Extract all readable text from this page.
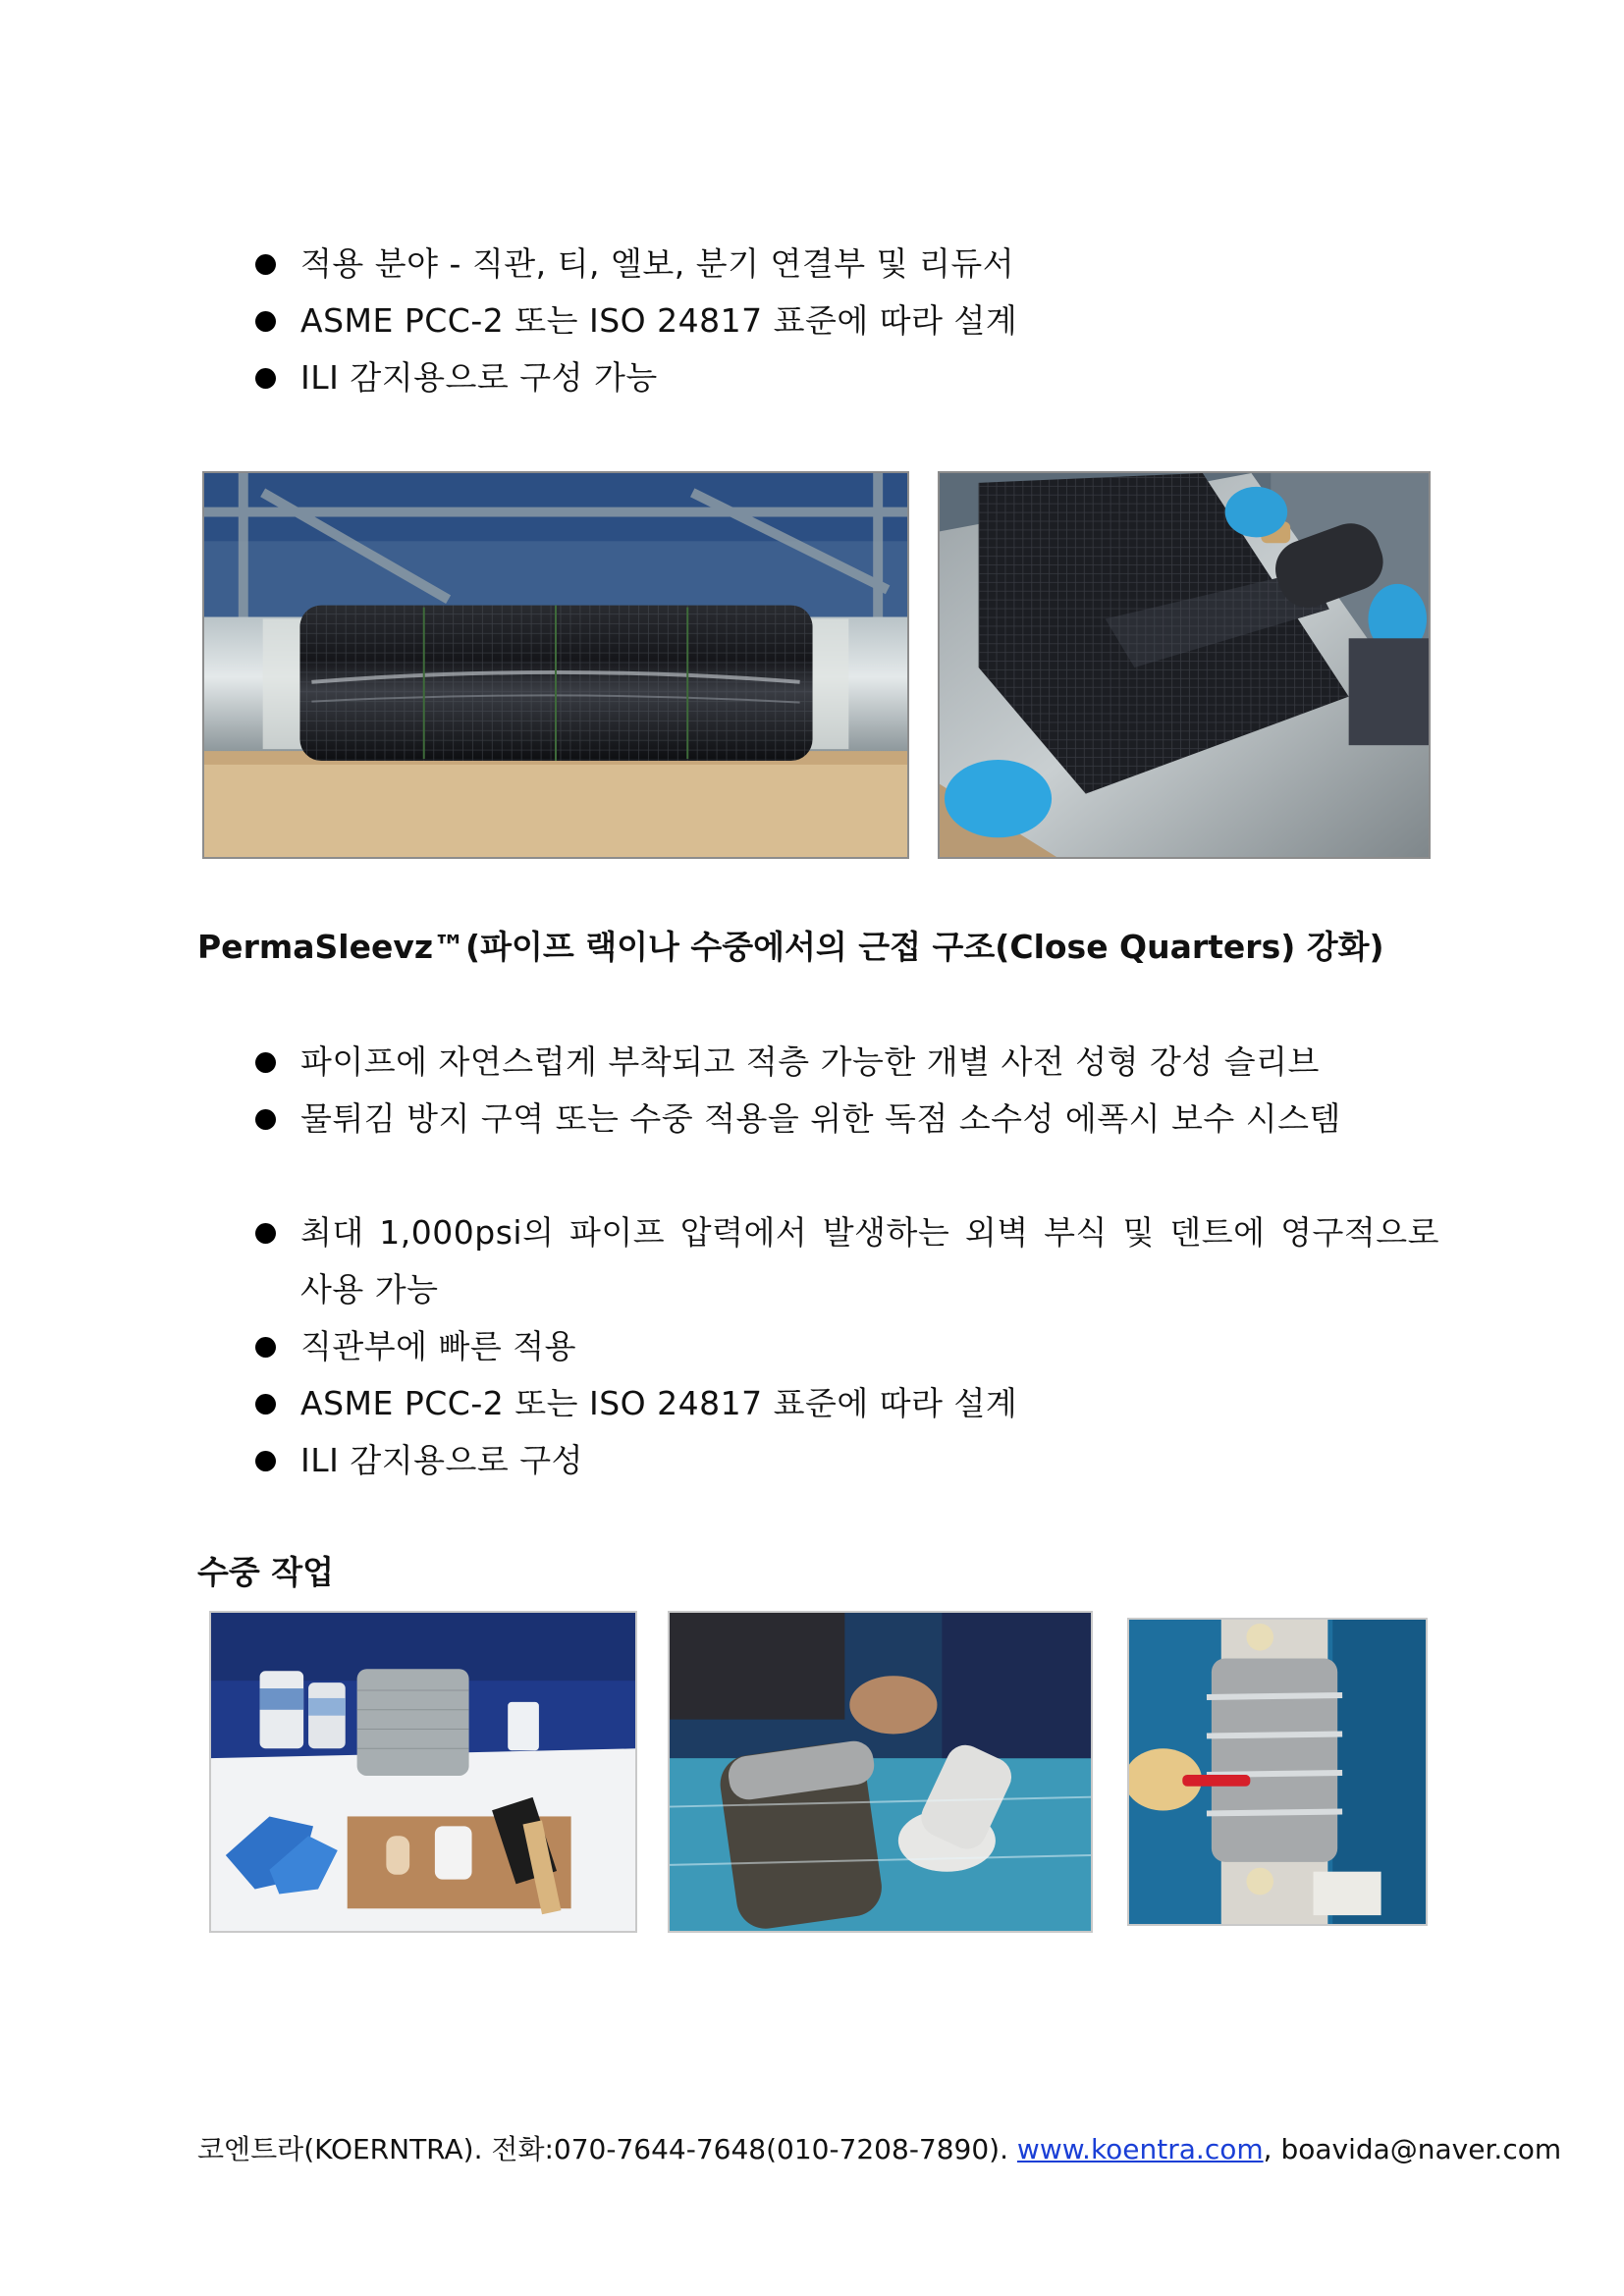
적용 분야 - 직관, 티, 엘보, 분기 연결부 및 리듀서
ASME PCC-2 또는 ISO 24817 표준에 따라 설계
ILI 감지용으로 구성 가능
PermaSleevz™(파이프 랙이나 수중에서의 근접 구조(Close Quarters) 강화)
파이프에 자연스럽게 부착되고 적층 가능한 개별 사전 성형 강성 슬리브
물튀김 방지 구역 또는 수중 적용을 위한 독점 소수성 에폭시 보수 시스템
최대 1,000psi의 파이프 압력에서 발생하는 외벽 부식 및 덴트에 영구적으로 사용 가능
직관부에 빠른 적용
ASME PCC-2 또는 ISO 24817 표준에 따라 설계
ILI 감지용으로 구성
수중 작업
코엔트라(KOERNTRA). 전화:070-7644-7648(010-7208-7890). www.koentra.com, boavida@naver.com
